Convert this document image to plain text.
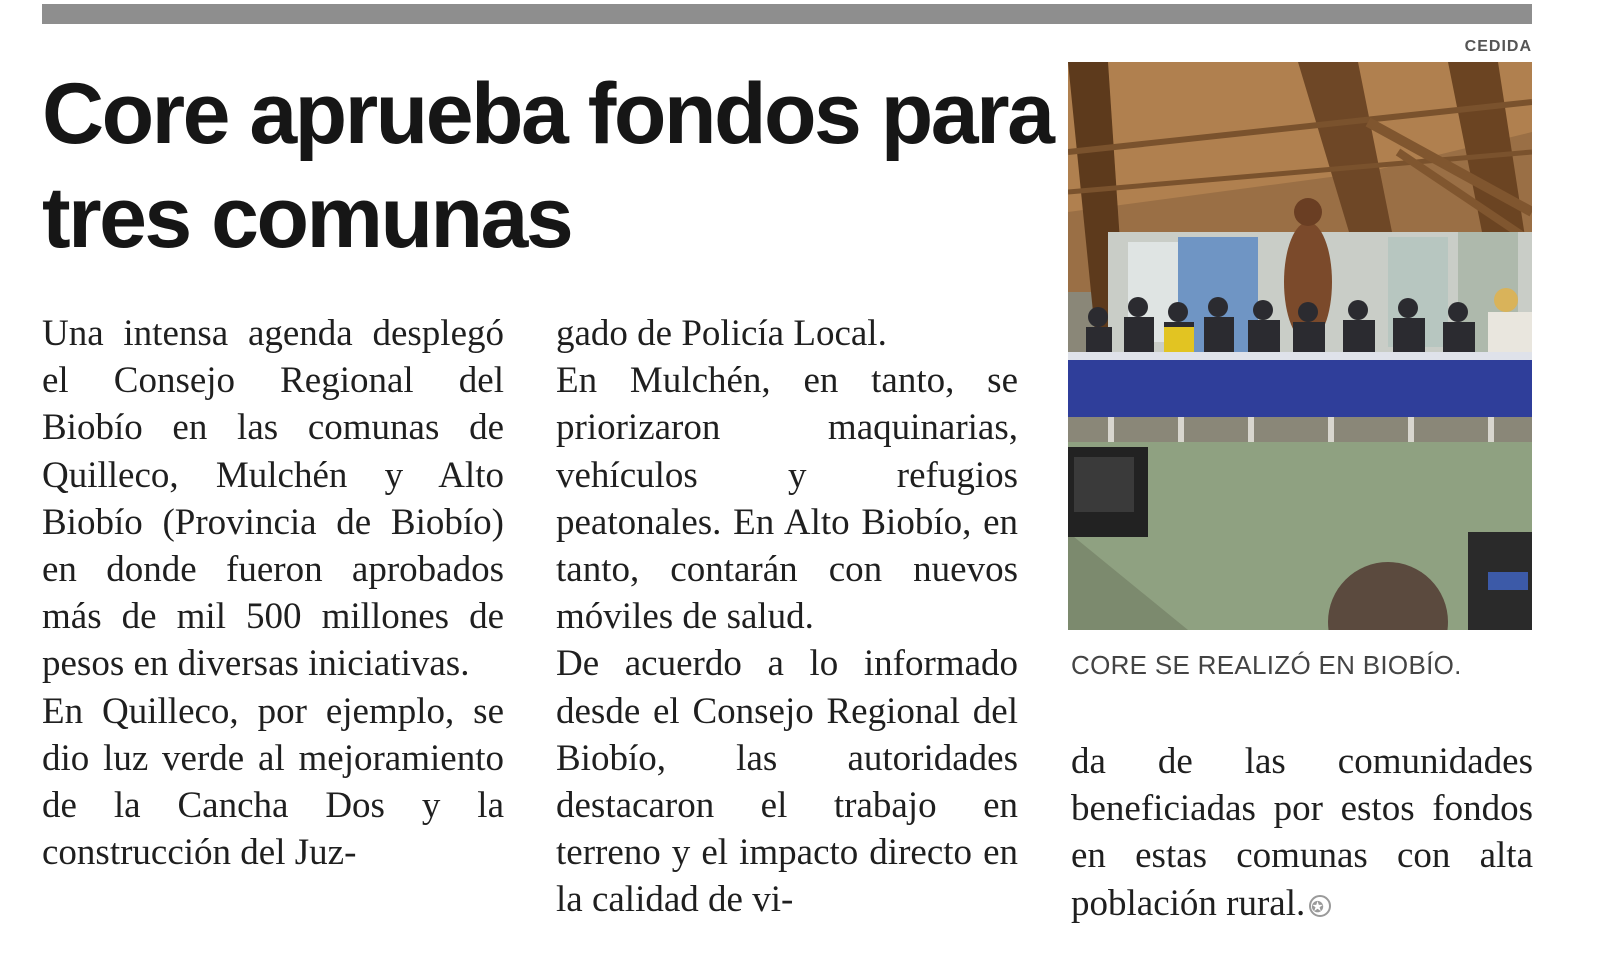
CEDIDA
Core aprueba fondos para tres comunas

Una intensa agenda desplegó el Consejo Regional del Biobío en las comunas de Quilleco, Mulchén y Alto Biobío (Provincia de Biobío) en donde fueron aprobados más de mil 500 millones de pesos en diversas iniciativas.

En Quilleco, por ejemplo, se dio luz verde al mejoramiento de la Cancha Dos y la construcción del Juz-

gado de Policía Local.

En Mulchén, en tanto, se priorizaron maquinarias, vehículos y refugios peatonales. En Alto Biobío, en tanto, contarán con nuevos móviles de salud.

De acuerdo a lo informado desde el Consejo Regional del Biobío, las autoridades destacaron el trabajo en terreno y el impacto directo en la calidad de vi-

CORE SE REALIZÓ EN BIOBÍO.

da de las comunidades beneficiadas por estos fondos en estas comunas con alta población rural. ✪
